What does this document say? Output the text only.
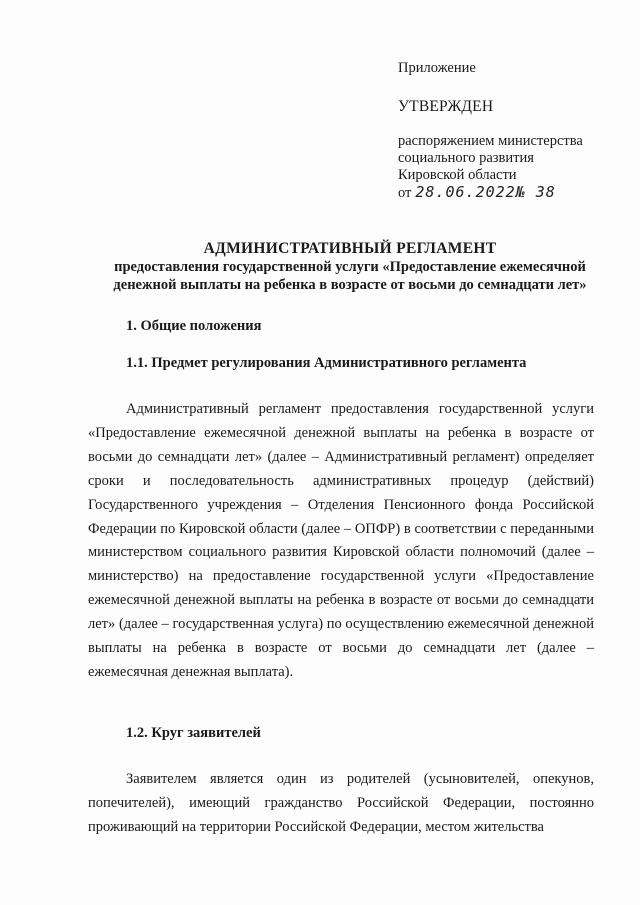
Приложение
УТВЕРЖДЕН
распоряжением министерства
социального развития
Кировской области
от 28.06.2022№ 38
АДМИНИСТРАТИВНЫЙ РЕГЛАМЕНТ
предоставления государственной услуги «Предоставление ежемесячной
денежной выплаты на ребенка в возрасте от восьми до семнадцати лет»
1. Общие положения
1.1. Предмет регулирования Административного регламента

Административный регламент предоставления государственной услуги «Предоставление ежемесячной денежной выплаты на ребенка в возрасте от восьми до семнадцати лет» (далее – Административный регламент) определяет сроки и последовательность административных процедур (действий) Государственного учреждения – Отделения Пенсионного фонда Российской Федерации по Кировской области (далее – ОПФР) в соответствии с переданными министерством социального развития Кировской области полномочий (далее – министерство) на предоставление государственной услуги «Предоставление ежемесячной денежной выплаты на ребенка в возрасте от восьми до семнадцати лет» (далее – государственная услуга) по осуществлению ежемесячной денежной выплаты на ребенка в возрасте от восьми до семнадцати лет (далее – ежемесячная денежная выплата).

1.2. Круг заявителей

Заявителем является один из родителей (усыновителей, опекунов, попечителей), имеющий гражданство Российской Федерации, постоянно проживающий на территории Российской Федерации, местом жительства
